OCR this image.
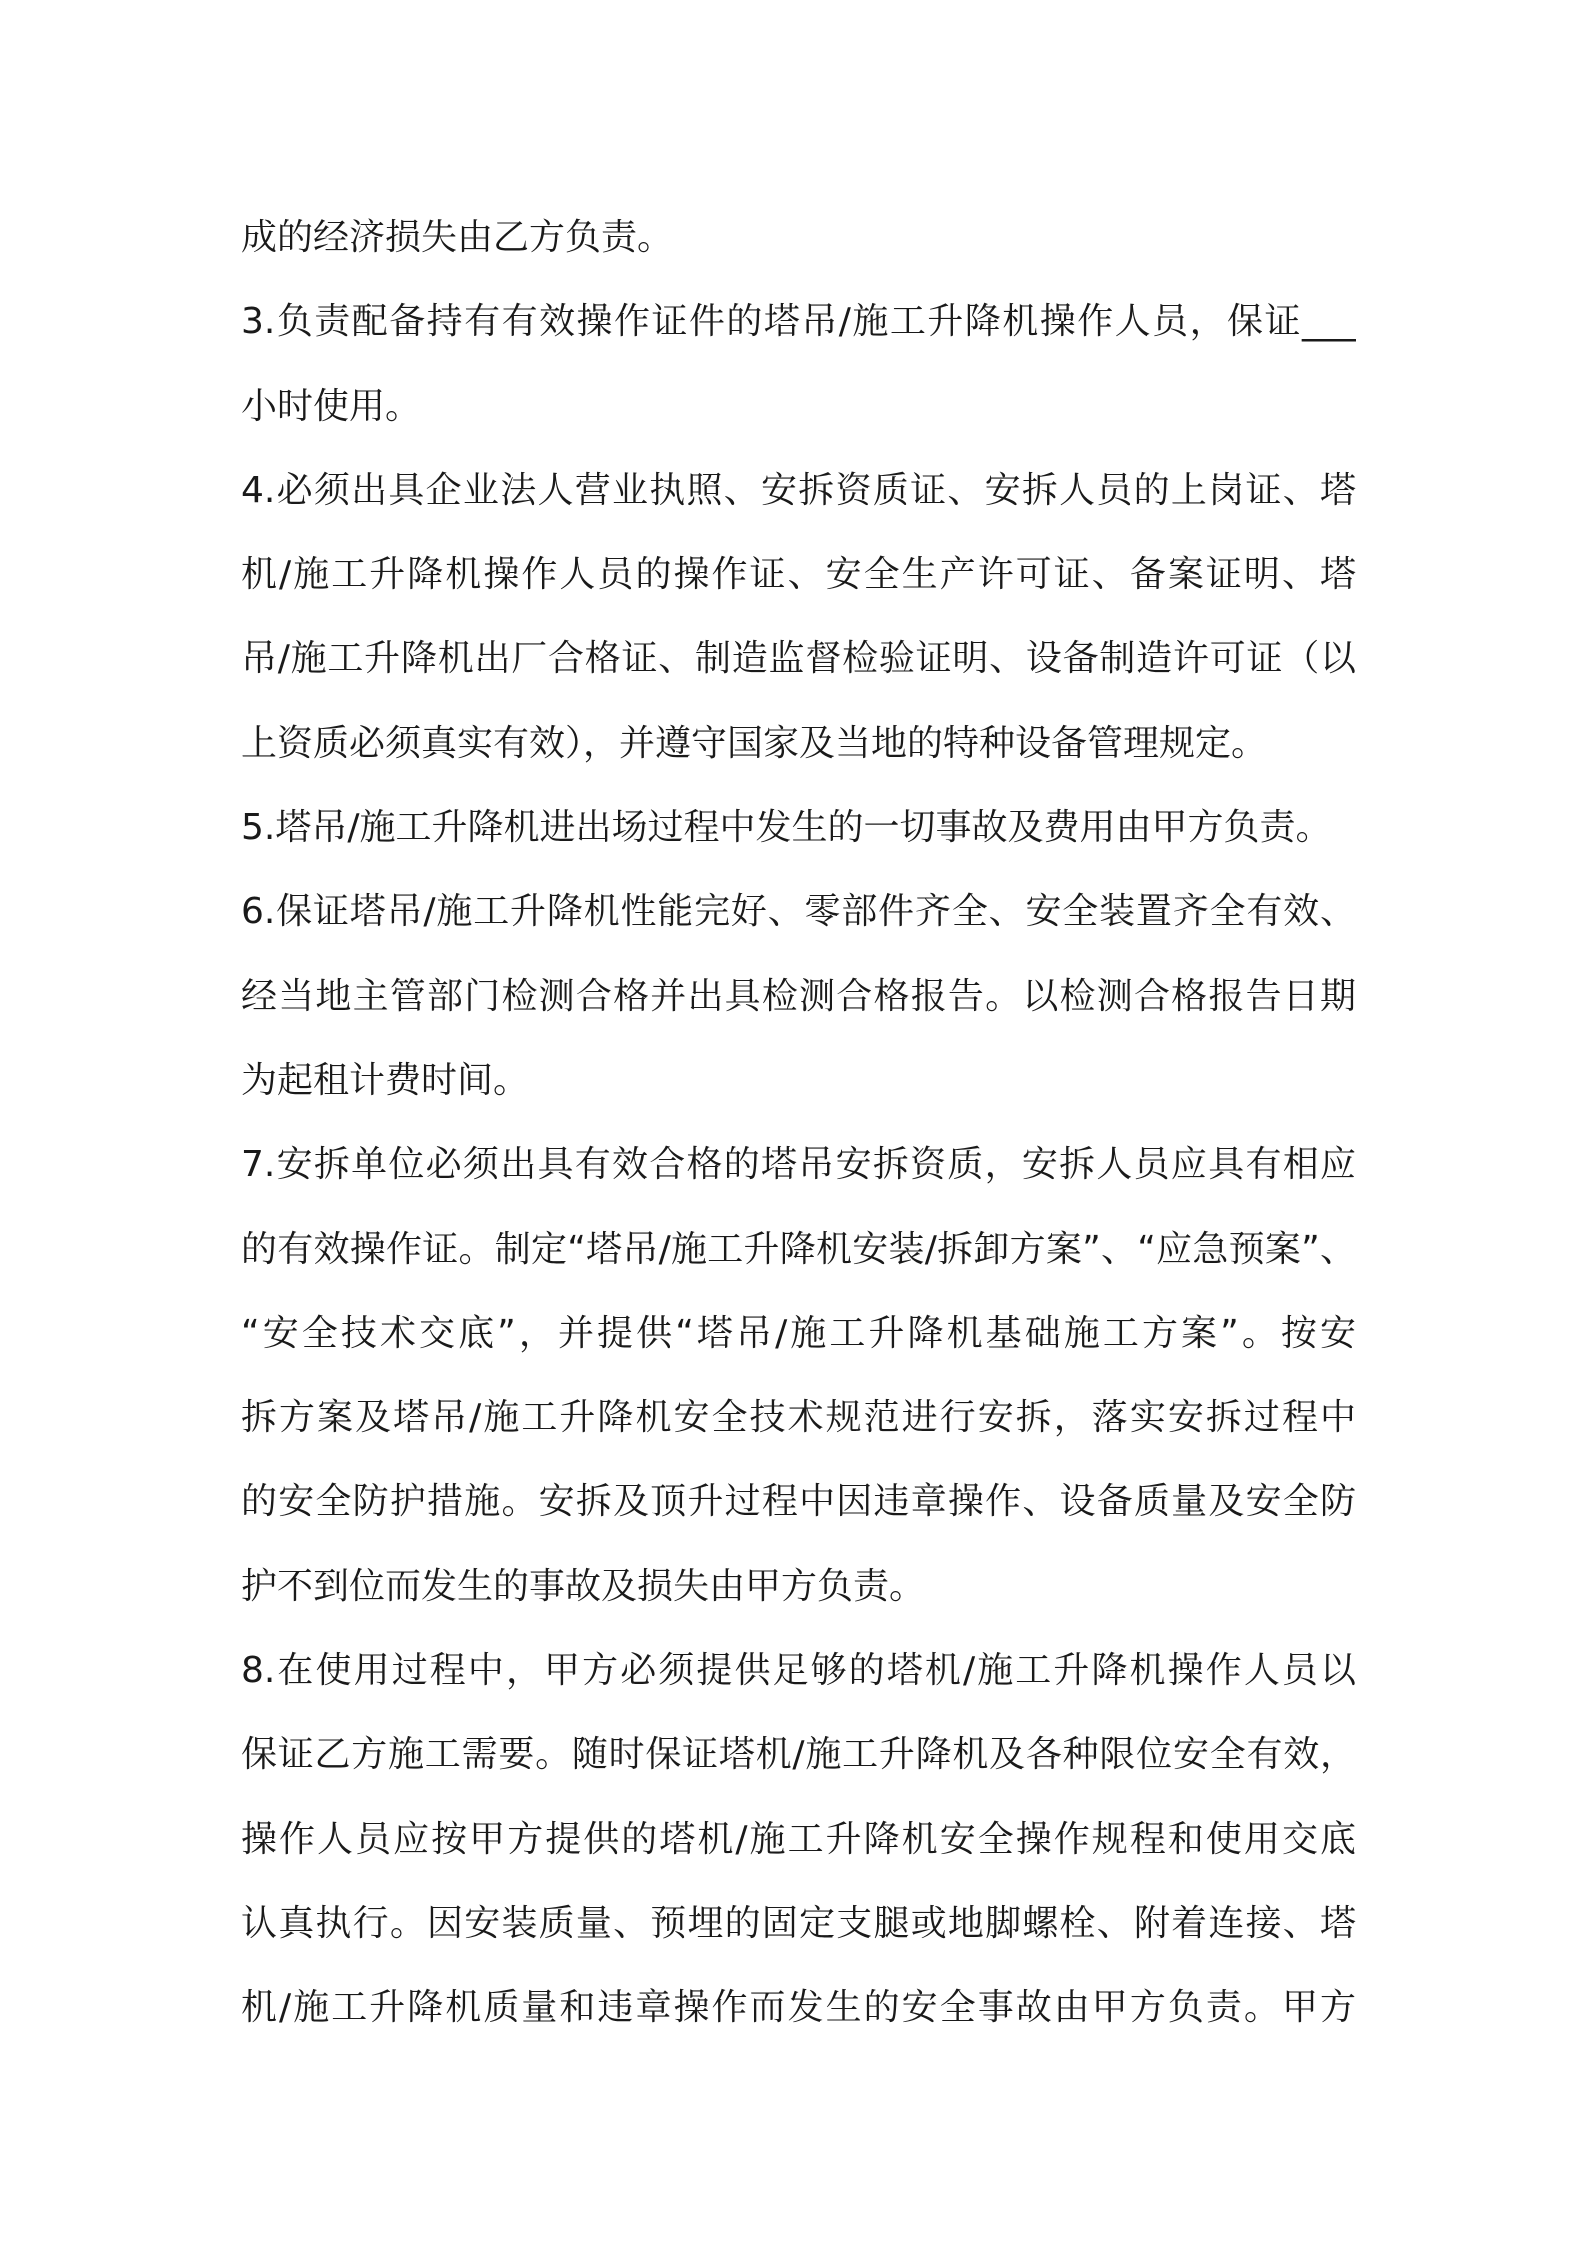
成的经济损失由乙方负责。
3.负责配备持有有效操作证件的塔吊/施工升降机操作人员，保证___
小时使用。
4.必须出具企业法人营业执照、安拆资质证、安拆人员的上岗证、塔
机/施工升降机操作人员的操作证、安全生产许可证、备案证明、塔
吊/施工升降机出厂合格证、制造监督检验证明、设备制造许可证（以
上资质必须真实有效），并遵守国家及当地的特种设备管理规定。
5.塔吊/施工升降机进出场过程中发生的一切事故及费用由甲方负责。
6.保证塔吊/施工升降机性能完好、零部件齐全、安全装置齐全有效、
经当地主管部门检测合格并出具检测合格报告。以检测合格报告日期
为起租计费时间。
7.安拆单位必须出具有效合格的塔吊安拆资质，安拆人员应具有相应
的有效操作证。制定“塔吊/施工升降机安装/拆卸方案”、“应急预案”、
“安全技术交底”，并提供“塔吊/施工升降机基础施工方案”。按安
拆方案及塔吊/施工升降机安全技术规范进行安拆，落实安拆过程中
的安全防护措施。安拆及顶升过程中因违章操作、设备质量及安全防
护不到位而发生的事故及损失由甲方负责。
8.在使用过程中，甲方必须提供足够的塔机/施工升降机操作人员以
保证乙方施工需要。随时保证塔机/施工升降机及各种限位安全有效，
操作人员应按甲方提供的塔机/施工升降机安全操作规程和使用交底
认真执行。因安装质量、预埋的固定支腿或地脚螺栓、附着连接、塔
机/施工升降机质量和违章操作而发生的安全事故由甲方负责。甲方
